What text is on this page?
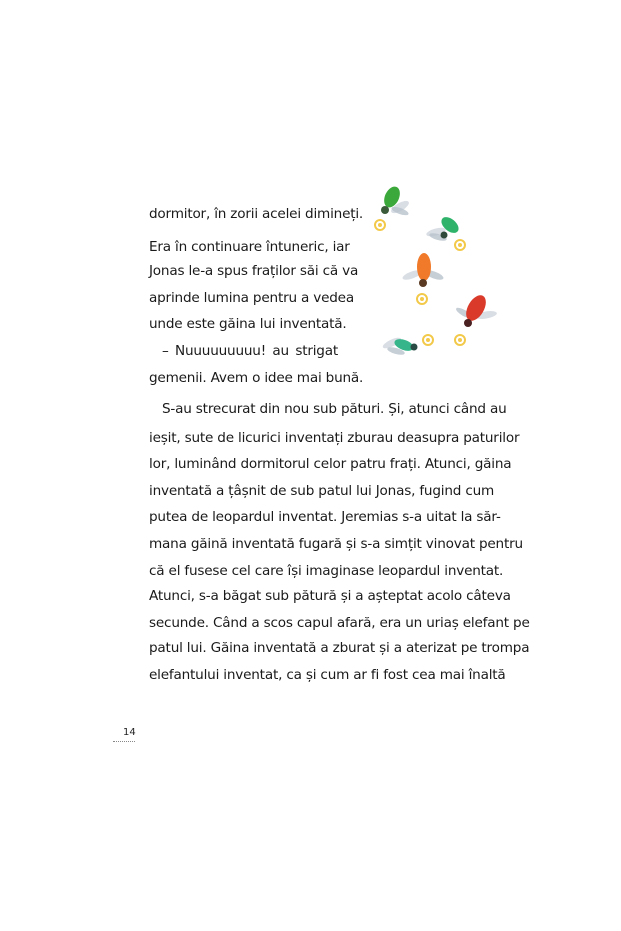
dormitor, în zorii acelei dimineți.
Era în continuare întuneric, iar
Jonas le-a spus fraților săi că va
aprinde lumina pentru a vedea
unde este găina lui inventată.
– Nuuuuuuuuu! au strigat
gemenii. Avem o idee mai bună.
S-au strecurat din nou sub pături. Și, atunci când au
ieșit, sute de licurici inventați zburau deasupra paturilor
lor, luminând dormitorul celor patru frați. Atunci, găina
inventată a țâșnit de sub patul lui Jonas, fugind cum
putea de leopardul inventat. Jeremias s-a uitat la săr-
mana găină inventată fugară și s-a simțit vinovat pentru
că el fusese cel care își imaginase leopardul inventat.
Atunci, s-a băgat sub pătură și a așteptat acolo câteva
secunde. Când a scos capul afară, era un uriaș elefant pe
patul lui. Găina inventată a zburat și a aterizat pe trompa
elefantului inventat, ca și cum ar fi fost cea mai înaltă
14
